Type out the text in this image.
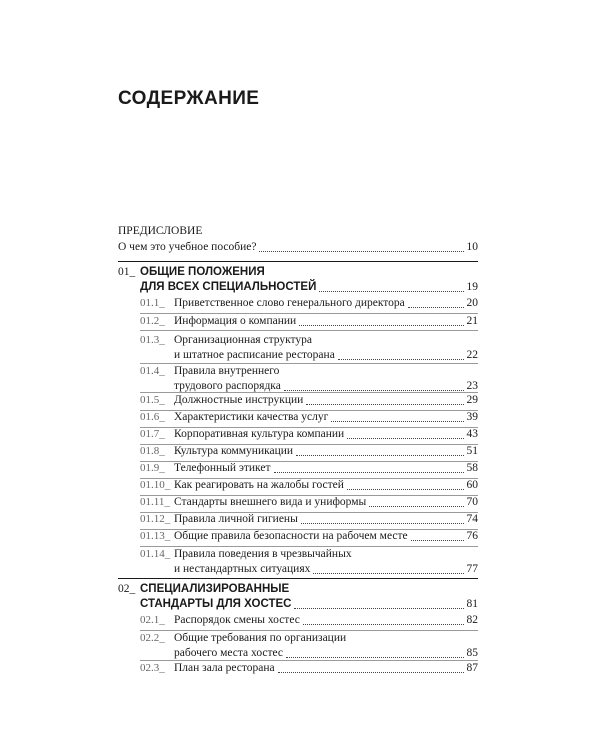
СОДЕРЖАНИЕ
ПРЕДИСЛОВИЕ
О чем это учебное пособие?	10
01_ ОБЩИЕ ПОЛОЖЕНИЯ
ДЛЯ ВСЕХ СПЕЦИАЛЬНОСТЕЙ	19
01.1_ Приветственное слово генерального директора	20
01.2_ Информация о компании	21
01.3_ Организационная структура
и штатное расписание ресторана	22
01.4_ Правила внутреннего
трудового распорядка	23
01.5_ Должностные инструкции	29
01.6_ Характеристики качества услуг	39
01.7_ Корпоративная культура компании	43
01.8_ Культура коммуникации	51
01.9_ Телефонный этикет	58
01.10_ Как реагировать на жалобы гостей	60
01.11_ Стандарты внешнего вида и униформы	70
01.12_ Правила личной гигиены	74
01.13_ Общие правила безопасности на рабочем месте	76
01.14_ Правила поведения в чрезвычайных
и нестандартных ситуациях	77
02_ СПЕЦИАЛИЗИРОВАННЫЕ
СТАНДАРТЫ ДЛЯ ХОСТЕС	81
02.1_ Распорядок смены хостес	82
02.2_ Общие требования по организации
рабочего места хостес	85
02.3_ План зала ресторана	87
